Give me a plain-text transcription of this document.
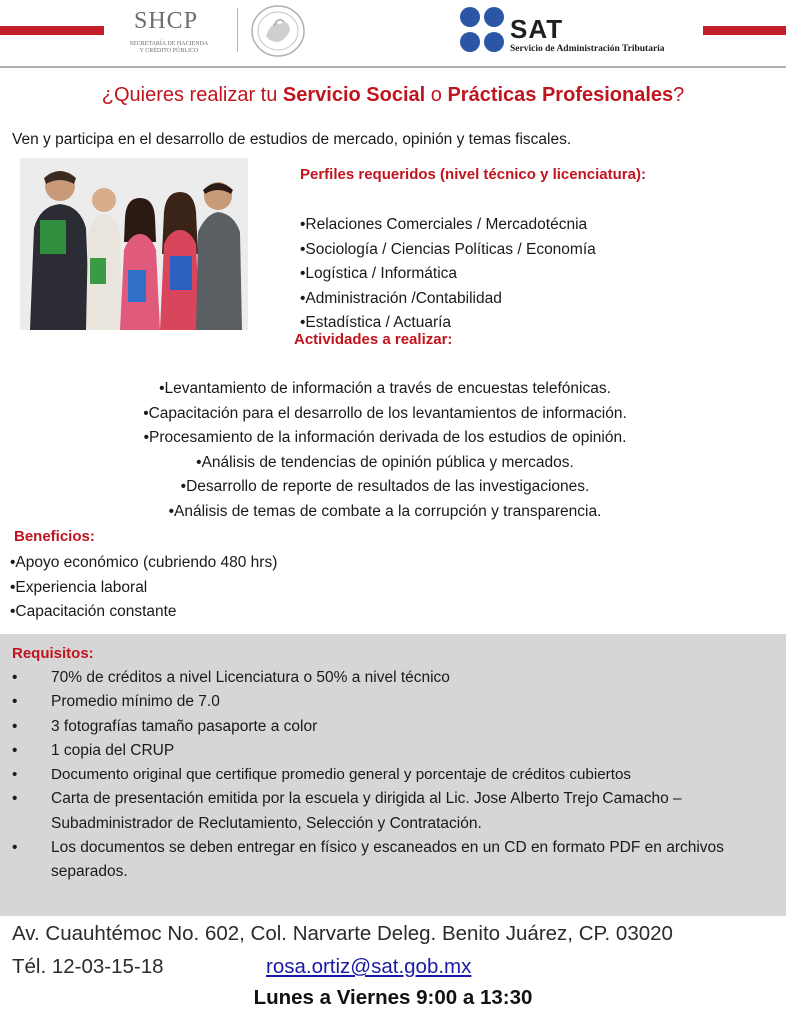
SHCP
SECRETARÍA DE HACIENDA
Y CRÉDITO PÚBLICO
SAT
Servicio de Administración Tributaria
¿Quieres realizar tu Servicio Social o Prácticas Profesionales?
Ven y participa en el desarrollo de estudios de mercado, opinión y temas fiscales.
Perfiles requeridos (nivel técnico y licenciatura):
•Relaciones Comerciales / Mercadotécnia
•Sociología / Ciencias Políticas / Economía
•Logística / Informática
•Administración /Contabilidad
•Estadística / Actuaría
Actividades a realizar:
•Levantamiento de información a través de encuestas telefónicas.
•Capacitación para el desarrollo de los levantamientos de información.
•Procesamiento de la información derivada de los estudios de opinión.
•Análisis de tendencias de opinión pública y mercados.
•Desarrollo de reporte de resultados de las investigaciones.
•Análisis de temas de combate a la corrupción y transparencia.
Beneficios:
•Apoyo económico (cubriendo 480 hrs)
•Experiencia laboral
•Capacitación constante
Requisitos:
• 70% de créditos a nivel Licenciatura o 50% a nivel técnico
• Promedio mínimo de 7.0
• 3 fotografías tamaño pasaporte a color
• 1 copia del CRUP
• Documento original que certifique promedio general y porcentaje de créditos cubiertos
• Carta de presentación emitida por la escuela y dirigida al Lic. Jose Alberto Trejo Camacho – Subadministrador de Reclutamiento, Selección y Contratación.
• Los documentos se deben entregar en físico y escaneados en un CD en formato PDF en archivos separados.
Av. Cuauhtémoc No. 602, Col. Narvarte Deleg. Benito Juárez, CP. 03020
Tél. 12-03-15-18	rosa.ortiz@sat.gob.mx
Lunes a Viernes 9:00 a 13:30
